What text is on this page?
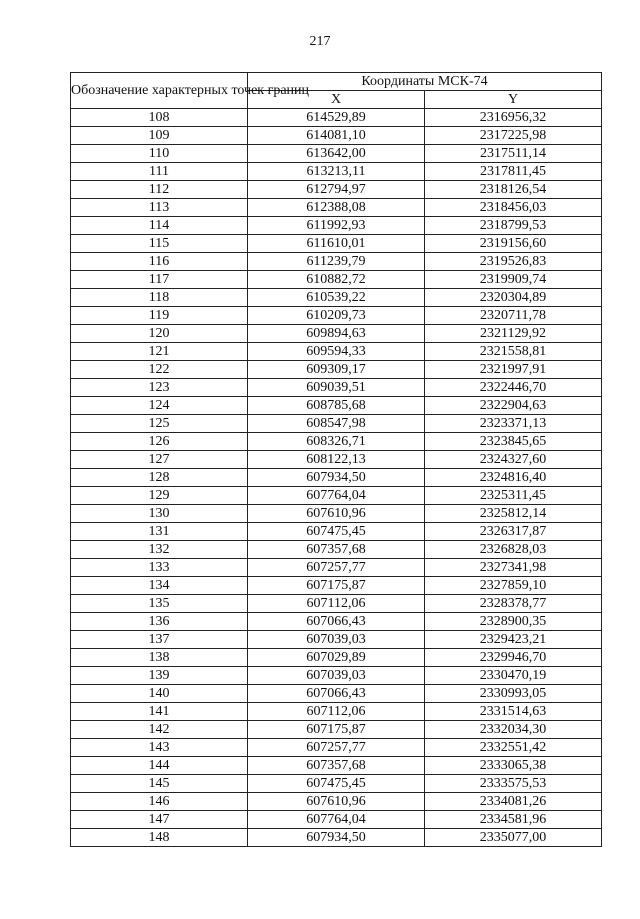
217
Обозначение характерных точек границ	Координаты МСК-74	
	X	Y
108	614529,89	2316956,32
109	614081,10	2317225,98
110	613642,00	2317511,14
111	613213,11	2317811,45
112	612794,97	2318126,54
113	612388,08	2318456,03
114	611992,93	2318799,53
115	611610,01	2319156,60
116	611239,79	2319526,83
117	610882,72	2319909,74
118	610539,22	2320304,89
119	610209,73	2320711,78
120	609894,63	2321129,92
121	609594,33	2321558,81
122	609309,17	2321997,91
123	609039,51	2322446,70
124	608785,68	2322904,63
125	608547,98	2323371,13
126	608326,71	2323845,65
127	608122,13	2324327,60
128	607934,50	2324816,40
129	607764,04	2325311,45
130	607610,96	2325812,14
131	607475,45	2326317,87
132	607357,68	2326828,03
133	607257,77	2327341,98
134	607175,87	2327859,10
135	607112,06	2328378,77
136	607066,43	2328900,35
137	607039,03	2329423,21
138	607029,89	2329946,70
139	607039,03	2330470,19
140	607066,43	2330993,05
141	607112,06	2331514,63
142	607175,87	2332034,30
143	607257,77	2332551,42
144	607357,68	2333065,38
145	607475,45	2333575,53
146	607610,96	2334081,26
147	607764,04	2334581,96
148	607934,50	2335077,00
